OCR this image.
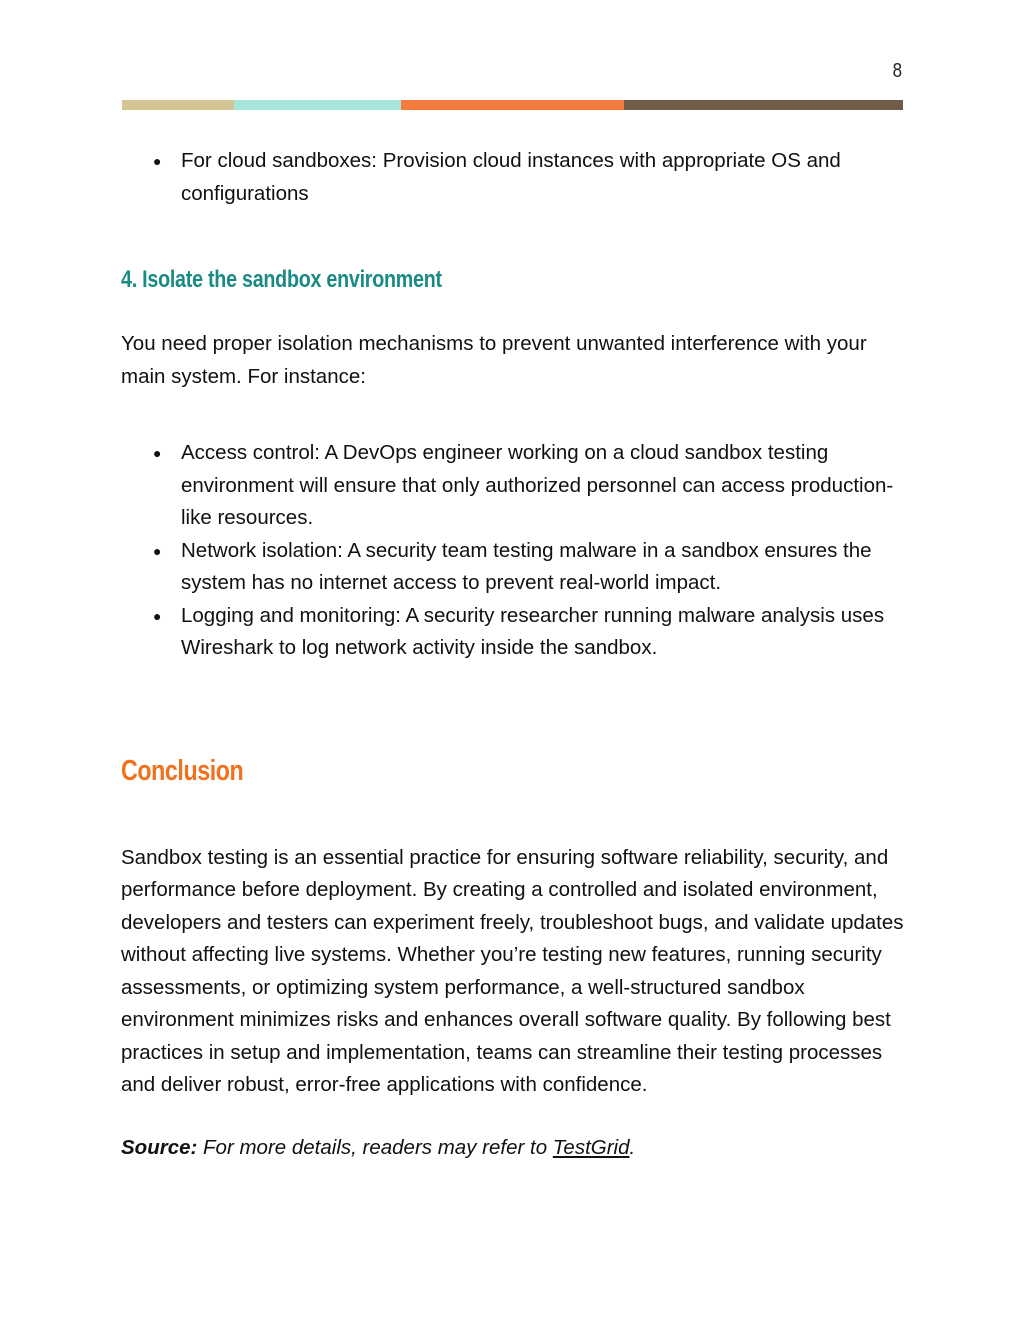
8
● For cloud sandboxes: Provision cloud instances with appropriate OS and configurations
4. Isolate the sandbox environment

You need proper isolation mechanisms to prevent unwanted interference with your main system. For instance:

● Access control: A DevOps engineer working on a cloud sandbox testing environment will ensure that only authorized personnel can access production-like resources.
● Network isolation: A security team testing malware in a sandbox ensures the system has no internet access to prevent real-world impact.
● Logging and monitoring: A security researcher running malware analysis uses Wireshark to log network activity inside the sandbox.
Conclusion

Sandbox testing is an essential practice for ensuring software reliability, security, and performance before deployment. By creating a controlled and isolated environment, developers and testers can experiment freely, troubleshoot bugs, and validate updates without affecting live systems. Whether you’re testing new features, running security assessments, or optimizing system performance, a well-structured sandbox environment minimizes risks and enhances overall software quality. By following best practices in setup and implementation, teams can streamline their testing processes and deliver robust, error-free applications with confidence.

Source: For more details, readers may refer to TestGrid.
